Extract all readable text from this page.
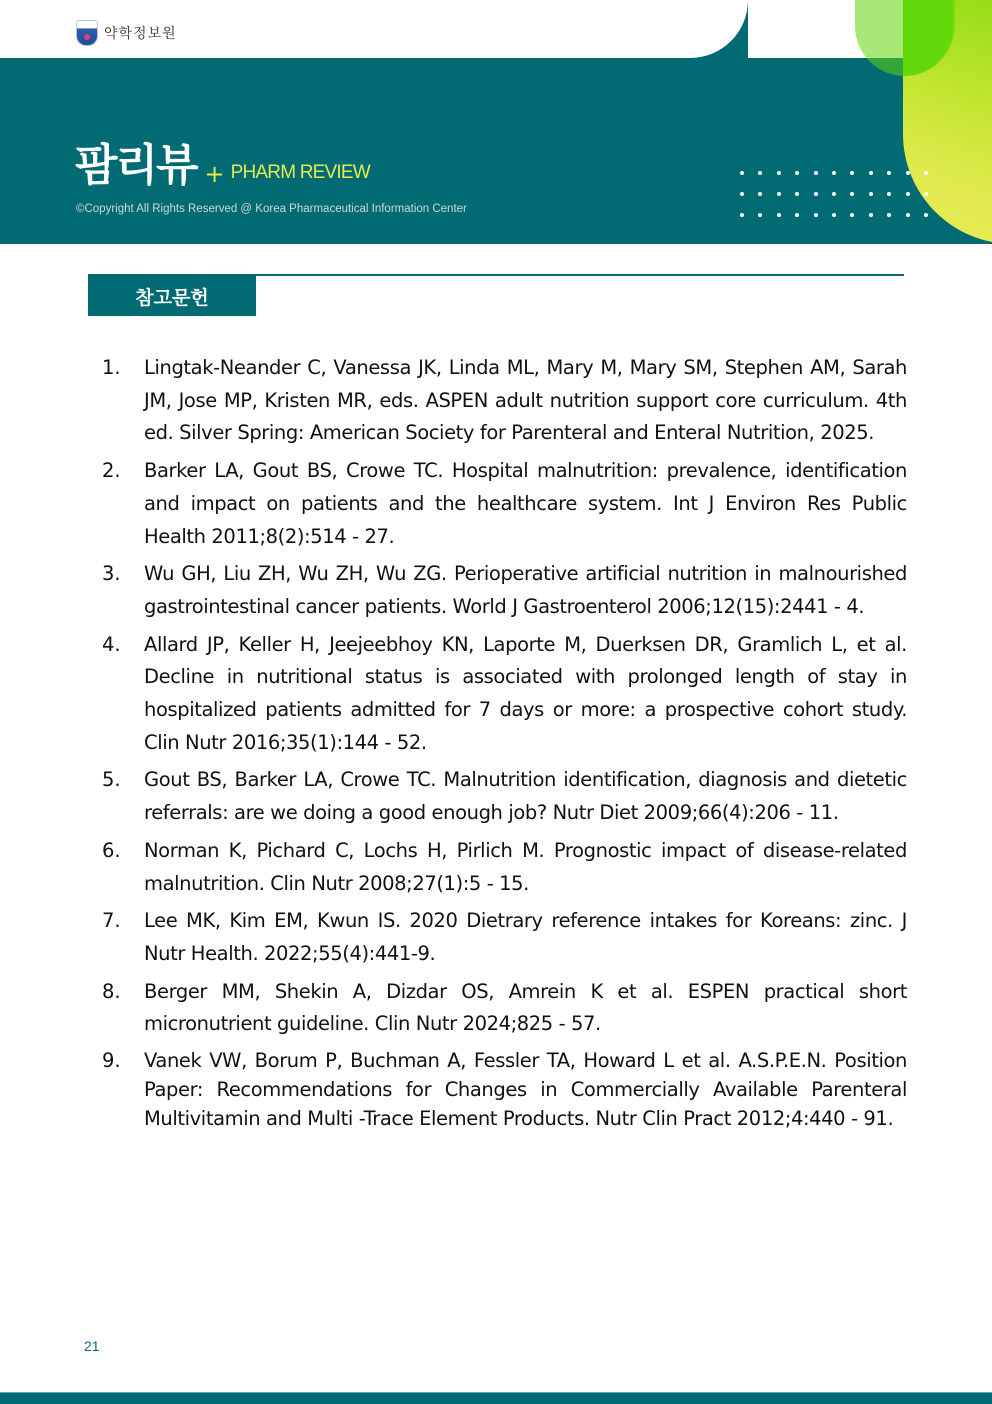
약학정보원
팜리뷰 + PHARM REVIEW
©Copyright All Rights Reserved @ Korea Pharmaceutical Information Center
참고문헌
1.	Lingtak-Neander C, Vanessa JK, Linda ML, Mary M, Mary SM, Stephen AM, Sarah JM, Jose MP, Kristen MR, eds. ASPEN adult nutrition support core curriculum. 4th ed. Silver Spring: American Society for Parenteral and Enteral Nutrition, 2025.
2.	Barker LA, Gout BS, Crowe TC. Hospital malnutrition: prevalence, identification and impact on patients and the healthcare system. Int J Environ Res Public Health 2011;8(2):514 - 27.
3.	Wu GH, Liu ZH, Wu ZH, Wu ZG. Perioperative artificial nutrition in malnourished gastrointestinal cancer patients. World J Gastroenterol 2006;12(15):2441 - 4.
4.	Allard JP, Keller H, Jeejeebhoy KN, Laporte M, Duerksen DR, Gramlich L, et al. Decline in nutritional status is associated with prolonged length of stay in hospitalized patients admitted for 7 days or more: a prospective cohort study. Clin Nutr 2016;35(1):144 - 52.
5.	Gout BS, Barker LA, Crowe TC. Malnutrition identification, diagnosis and dietetic referrals: are we doing a good enough job? Nutr Diet 2009;66(4):206 - 11.
6.	Norman K, Pichard C, Lochs H, Pirlich M. Prognostic impact of disease-related malnutrition. Clin Nutr 2008;27(1):5 - 15.
7.	Lee MK, Kim EM, Kwun IS. 2020 Dietrary reference intakes for Koreans: zinc. J Nutr Health. 2022;55(4):441-9.
8.	Berger MM, Shekin A, Dizdar OS, Amrein K et al. ESPEN practical short micronutrient guideline. Clin Nutr 2024;825 - 57.
9.	Vanek VW, Borum P, Buchman A, Fessler TA, Howard L et al. A.S.P.E.N. Position Paper: Recommendations for Changes in Commercially Available Parenteral Multivitamin and Multi -Trace Element Products. Nutr Clin Pract 2012;4:440 - 91.
21
